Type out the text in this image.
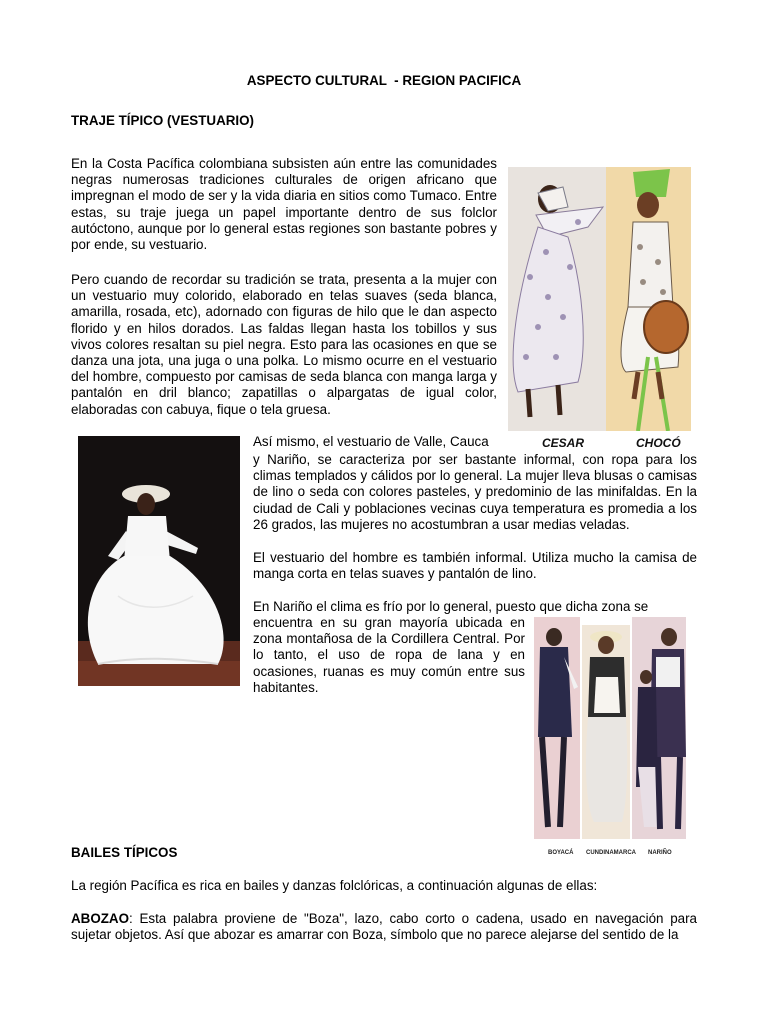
ASPECTO CULTURAL  - REGION PACIFICA
TRAJE TÍPICO (VESTUARIO)
En la Costa Pacífica colombiana subsisten aún entre las comunidades negras numerosas tradiciones culturales de origen africano que impregnan el modo de ser y la vida diaria en sitios como Tumaco. Entre estas, su traje juega un papel importante dentro de sus folclor autóctono, aunque por lo general estas regiones son bastante pobres y por ende, su vestuario.
Pero cuando de recordar su tradición se trata, presenta a la mujer con un vestuario muy colorido, elaborado en telas suaves (seda blanca, amarilla, rosada, etc), adornado con figuras de hilo que le dan aspecto florido y en hilos dorados. Las faldas llegan hasta los tobillos y sus vivos colores resaltan su piel negra. Esto para las ocasiones en que se danza una jota, una juga o una polka. Lo mismo ocurre en el vestuario del hombre, compuesto por camisas de seda blanca con manga larga y pantalón en dril blanco; zapatillas o alpargatas de igual color, elaboradas con cabuya, fique o tela gruesa.
CESAR	CHOCÓ
Así mismo, el vestuario de Valle, Cauca
y Nariño, se caracteriza por ser bastante informal, con ropa para los climas templados y cálidos por lo general. La mujer lleva blusas o camisas de lino o seda con colores pasteles, y predominio de las minifaldas. En la ciudad de Cali y poblaciones vecinas cuya temperatura es promedia a los 26 grados, las mujeres no acostumbran a usar medias veladas.
El vestuario del hombre es también informal. Utiliza mucho la camisa de manga corta en telas suaves y pantalón de lino.
En Nariño el clima es frío por lo general, puesto que dicha zona se
encuentra en su gran mayoría ubicada en zona montañosa de la Cordillera Central. Por lo tanto, el uso de ropa de lana y en ocasiones, ruanas es muy común entre sus habitantes.
BOYACÁ CUNDINAMARCA NARIÑO
BAILES TÍPICOS
La región Pacífica es rica en bailes y danzas folclóricas, a continuación algunas de ellas:
ABOZAO: Esta palabra proviene de "Boza", lazo, cabo corto o cadena, usado en navegación para sujetar objetos. Así que abozar es amarrar con Boza, símbolo que no parece alejarse del sentido de la
